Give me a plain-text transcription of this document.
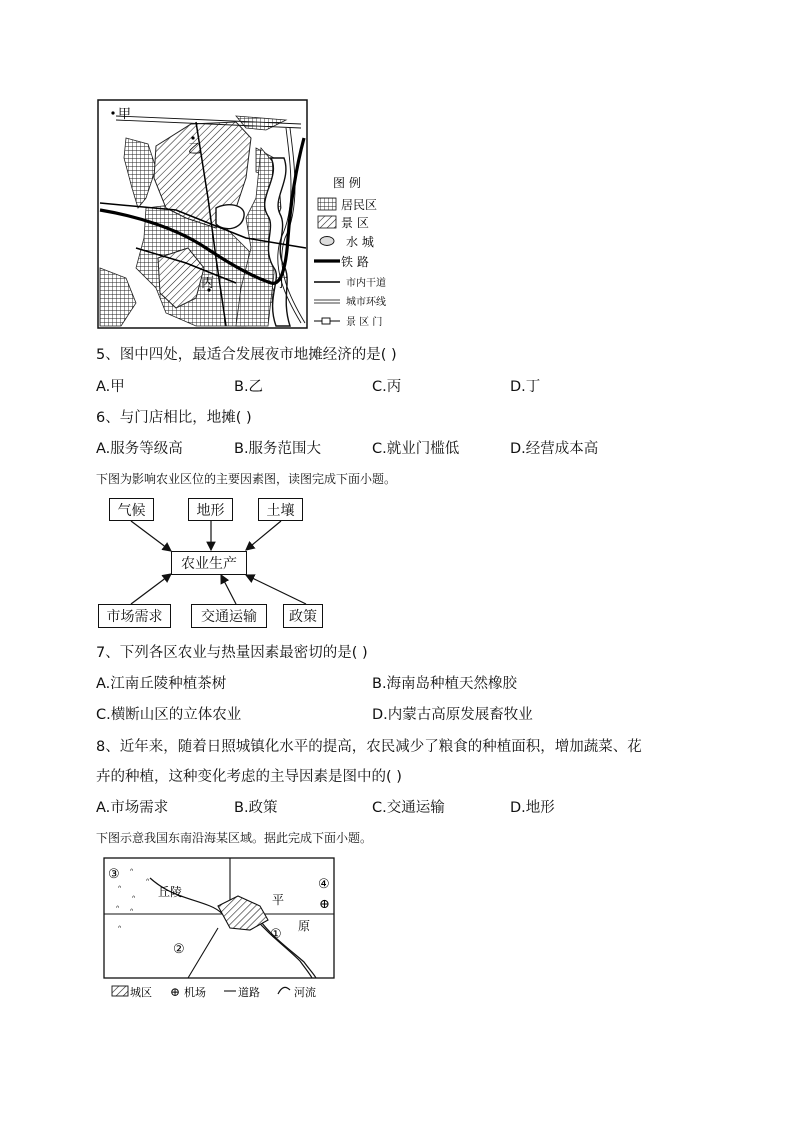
甲
乙
丙	丁
图 例
居民区
景 区
水 城
铁 路
市内干道
城市环线
景 区 门
5、图中四处，最适合发展夜市地摊经济的是( )
A.甲	B.乙	C.丙	D.丁
6、与门店相比，地摊( )
A.服务等级高	B.服务范围大	C.就业门槛低	D.经营成本高
下图为影响农业区位的主要因素图，读图完成下面小题。
气候	地形	土壤
农业生产
市场需求	交通运输	政策
7、下列各区农业与热量因素最密切的是( )
A.江南丘陵种植茶树	B.海南岛种植天然橡胶
C.横断山区的立体农业	D.内蒙古高原发展畜牧业
8、近年来，随着日照城镇化水平的提高，农民减少了粮食的种植面积，增加蔬菜、花
卉的种植，这种变化考虑的主导因素是图中的( )
A.市场需求	B.政策	C.交通运输	D.地形
下图示意我国东南沿海某区域。据此完成下面小题。
ᐢ
ᐢ
ᐢ
ᐢ
ᐢ ᐢ
ᐢ
丘陵
平
原
①
②
③
④
⊕
城区 ⊕ 机场	道路	河流
